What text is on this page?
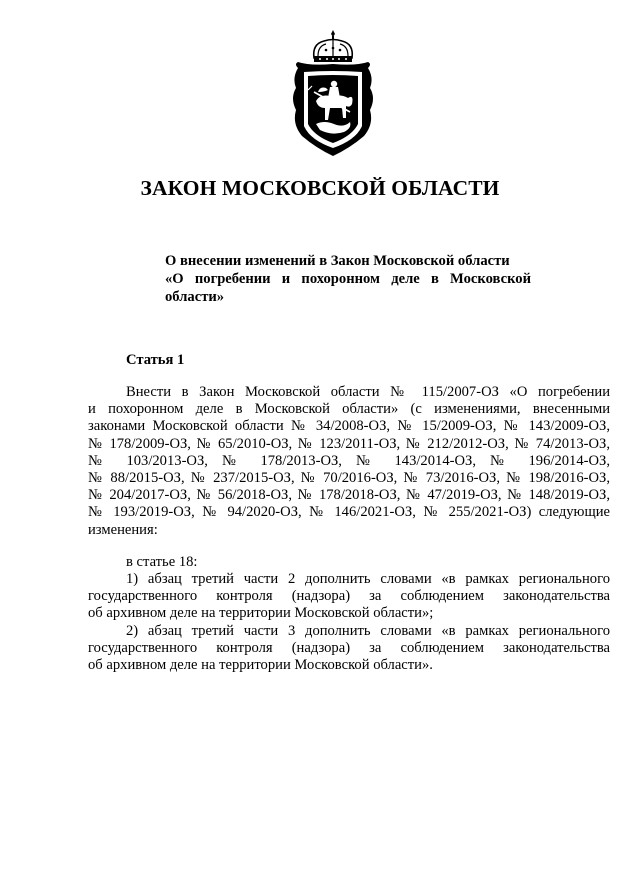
ЗАКОН МОСКОВСКОЙ ОБЛАСТИ
О внесении изменений в Закон Московской области
«О погребении и похоронном деле в Московской
области»
Статья 1
Внести в Закон Московской области № 115/2007-ОЗ «О погребении
и похоронном деле в Московской области» (с изменениями, внесенными
законами Московской области № 34/2008-ОЗ, № 15/2009-ОЗ, № 143/2009-ОЗ,
№ 178/2009-ОЗ, № 65/2010-ОЗ, № 123/2011-ОЗ, № 212/2012-ОЗ, № 74/2013-ОЗ,
№ 103/2013-ОЗ, № 178/2013-ОЗ, № 143/2014-ОЗ, № 196/2014-ОЗ,
№ 88/2015-ОЗ, № 237/2015-ОЗ, № 70/2016-ОЗ, № 73/2016-ОЗ, № 198/2016-ОЗ,
№ 204/2017-ОЗ, № 56/2018-ОЗ, № 178/2018-ОЗ, № 47/2019-ОЗ, № 148/2019-ОЗ,
№ 193/2019-ОЗ, № 94/2020-ОЗ, № 146/2021-ОЗ, № 255/2021-ОЗ) следующие
изменения:
в статье 18:
1) абзац третий части 2 дополнить словами «в рамках регионального
государственного контроля (надзора) за соблюдением законодательства
об архивном деле на территории Московской области»;
2) абзац третий части 3 дополнить словами «в рамках регионального
государственного контроля (надзора) за соблюдением законодательства
об архивном деле на территории Московской области».
